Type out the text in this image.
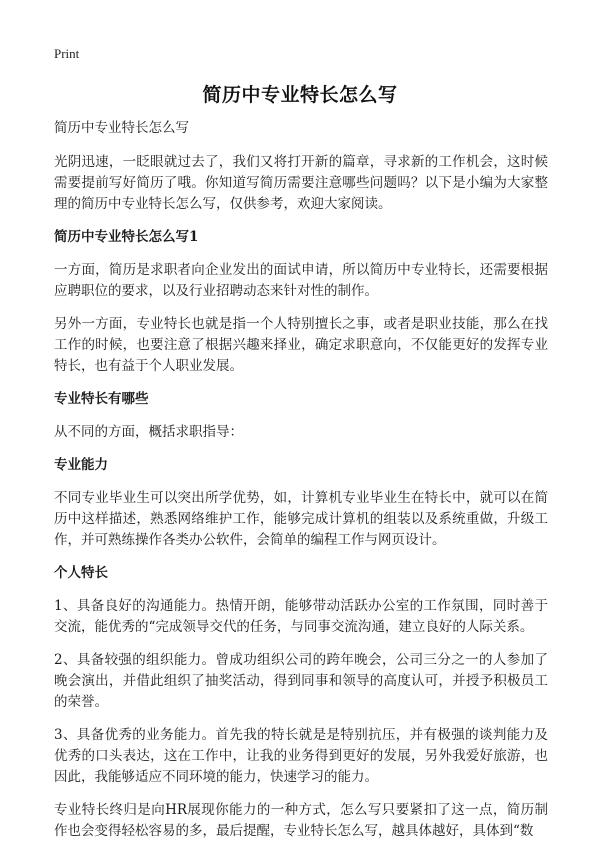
Print
简历中专业特长怎么写

简历中专业特长怎么写

光阴迅速，一眨眼就过去了，我们又将打开新的篇章，寻求新的工作机会，这时候需要提前写好简历了哦。你知道写简历需要注意哪些问题吗？以下是小编为大家整理的简历中专业特长怎么写，仅供参考，欢迎大家阅读。

简历中专业特长怎么写1

一方面，简历是求职者向企业发出的面试申请，所以简历中专业特长，还需要根据应聘职位的要求，以及行业招聘动态来针对性的制作。

另外一方面，专业特长也就是指一个人特别擅长之事，或者是职业技能，那么在找工作的时候，也要注意了根据兴趣来择业，确定求职意向，不仅能更好的发挥专业特长，也有益于个人职业发展。

专业特长有哪些

从不同的方面，概括求职指导：

专业能力

不同专业毕业生可以突出所学优势，如，计算机专业毕业生在特长中，就可以在简历中这样描述，熟悉网络维护工作，能够完成计算机的组装以及系统重做，升级工作，并可熟练操作各类办公软件，会简单的编程工作与网页设计。

个人特长

1、具备良好的沟通能力。热情开朗，能够带动活跃办公室的工作氛围，同时善于交流，能优秀的“完成领导交代的任务，与同事交流沟通，建立良好的人际关系。

2、具备较强的组织能力。曾成功组织公司的跨年晚会，公司三分之一的人参加了晚会演出，并借此组织了抽奖活动，得到同事和领导的高度认可，并授予积极员工的荣誉。

3、具备优秀的业务能力。首先我的特长就是是特别抗压，并有极强的谈判能力及优秀的口头表达，这在工作中，让我的业务得到更好的发展，另外我爱好旅游，也因此，我能够适应不同环境的能力，快速学习的能力。

专业特长终归是向HR展现你能力的一种方式，怎么写只要紧扣了这一点，简历制作也会变得轻松容易的多，最后提醒，专业特长怎么写，越具体越好，具体到“数
